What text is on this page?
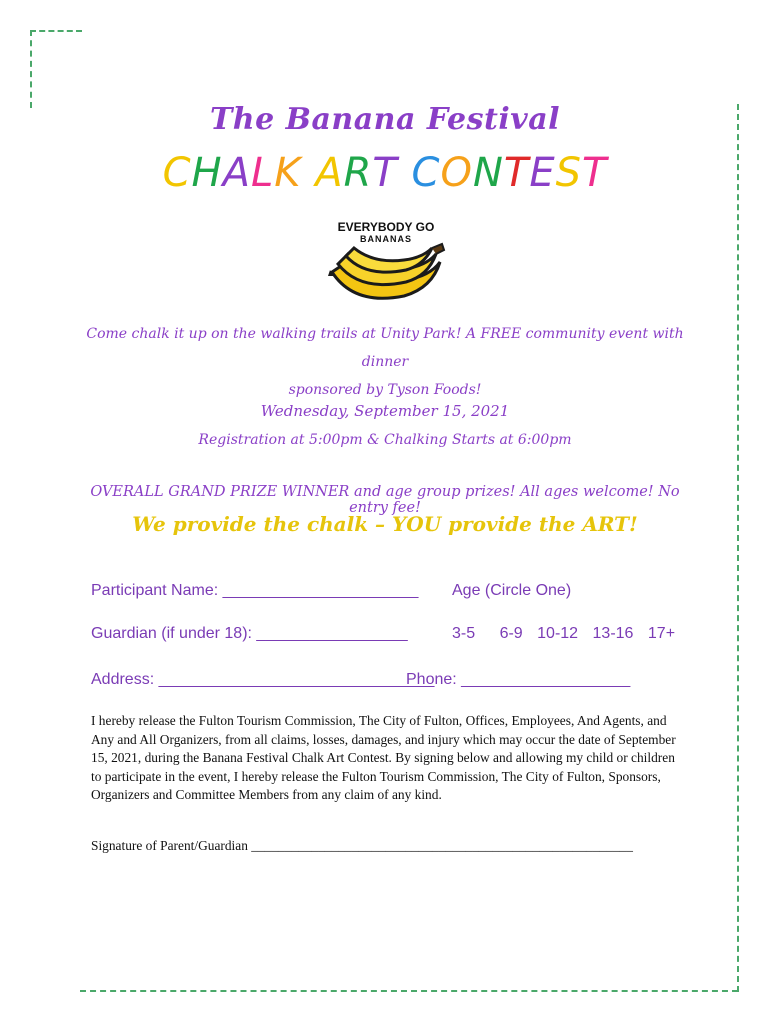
The Banana Festival
CHALK ART CONTEST
EVERYBODY GO
BANANAS
Come chalk it up on the walking trails at Unity Park! A FREE community event with dinner
sponsored by Tyson Foods!
Wednesday, September 15, 2021
Registration at 5:00pm & Chalking Starts at 6:00pm
OVERALL GRAND PRIZE WINNER and age group prizes! All ages welcome! No entry fee!
We provide the chalk – YOU provide the ART!
Participant Name: ______________________ Age (Circle One)
Guardian (if under 18): _________________	3-5 6-9 10-12 13-16 17+
Address: _______________________________
Phone: ___________________
I hereby release the Fulton Tourism Commission, The City of Fulton, Offices, Employees, And Agents, and Any and All Organizers, from all claims, losses, damages, and injury which may occur the date of September 15, 2021, during the Banana Festival Chalk Art Contest. By signing below and allowing my child or children to participate in the event, I hereby release the Fulton Tourism Commission, The City of Fulton, Sponsors, Organizers and Committee Members from any claim of any kind.
Signature of Parent/Guardian _________________________________________________________
